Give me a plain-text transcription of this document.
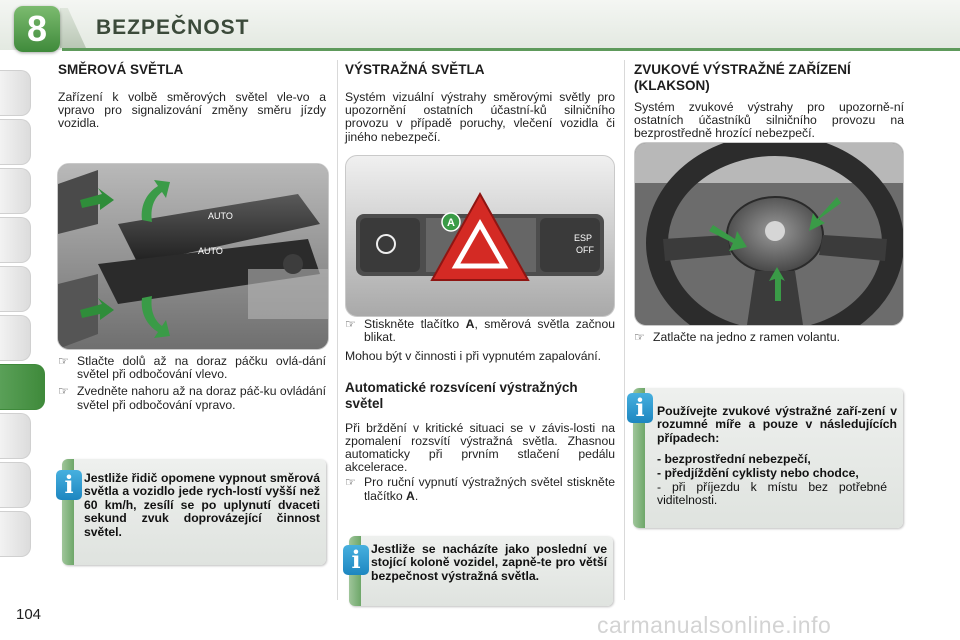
8	BEZPEČNOST
SMĚROVÁ SVĚTLA

Zařízení k volbě směrových světel vle-vo a vpravo pro signalizování změny směru jízdy vozidla.

AUTO
AUTO
☞ Stlačte dolů až na doraz páčku ovlá-dání světel při odbočování vlevo.
☞ Zvedněte nahoru až na doraz páč-ku ovládání světel při odbočování vpravo.
i Jestliže řidič opomene vypnout směrová světla a vozidlo jede rych-lostí vyšší než 60 km/h, zesílí se po uplynutí dvaceti sekund zvuk doprovázející činnost světel.
VÝSTRAŽNÁ SVĚTLA

Systém vizuální výstrahy směrovými světly pro upozornění ostatních účastní-ků silničního provozu v případě poruchy, vlečení vozidla či jiného nebezpečí.

ESP
OFF
A
☞ Stiskněte tlačítko A, směrová světla začnou blikat.

Mohou být v činnosti i při vypnutém zapalování.

Automatické rozsvícení výstražných světel

Při brždění v kritické situaci se v závis-losti na zpomalení rozsvítí výstražná světla. Zhasnou automaticky při prvním stlačení pedálu akcelerace.

☞ Pro ruční vypnutí výstražných světel stiskněte tlačítko A.
i Jestliže se nacházíte jako poslední ve stojící koloně vozidel, zapně-te pro větší bezpečnost výstražná světla.
ZVUKOVÉ VÝSTRAŽNÉ ZAŘÍZENÍ (KLAKSON)

Systém zvukové výstrahy pro upozorně-ní ostatních účastníků silničního provozu na bezprostředně hrozící nebezpečí.

☞ Zatlačte na jedno z ramen volantu.
i	Používejte zvukové výstražné zaří-zení v rozumné míře a pouze v následujících případech:
- bezprostřední nebezpečí,
- předjíždění cyklisty nebo chodce,
- při příjezdu k místu bez potřebné viditelnosti.
104	carmanualsonline.info
